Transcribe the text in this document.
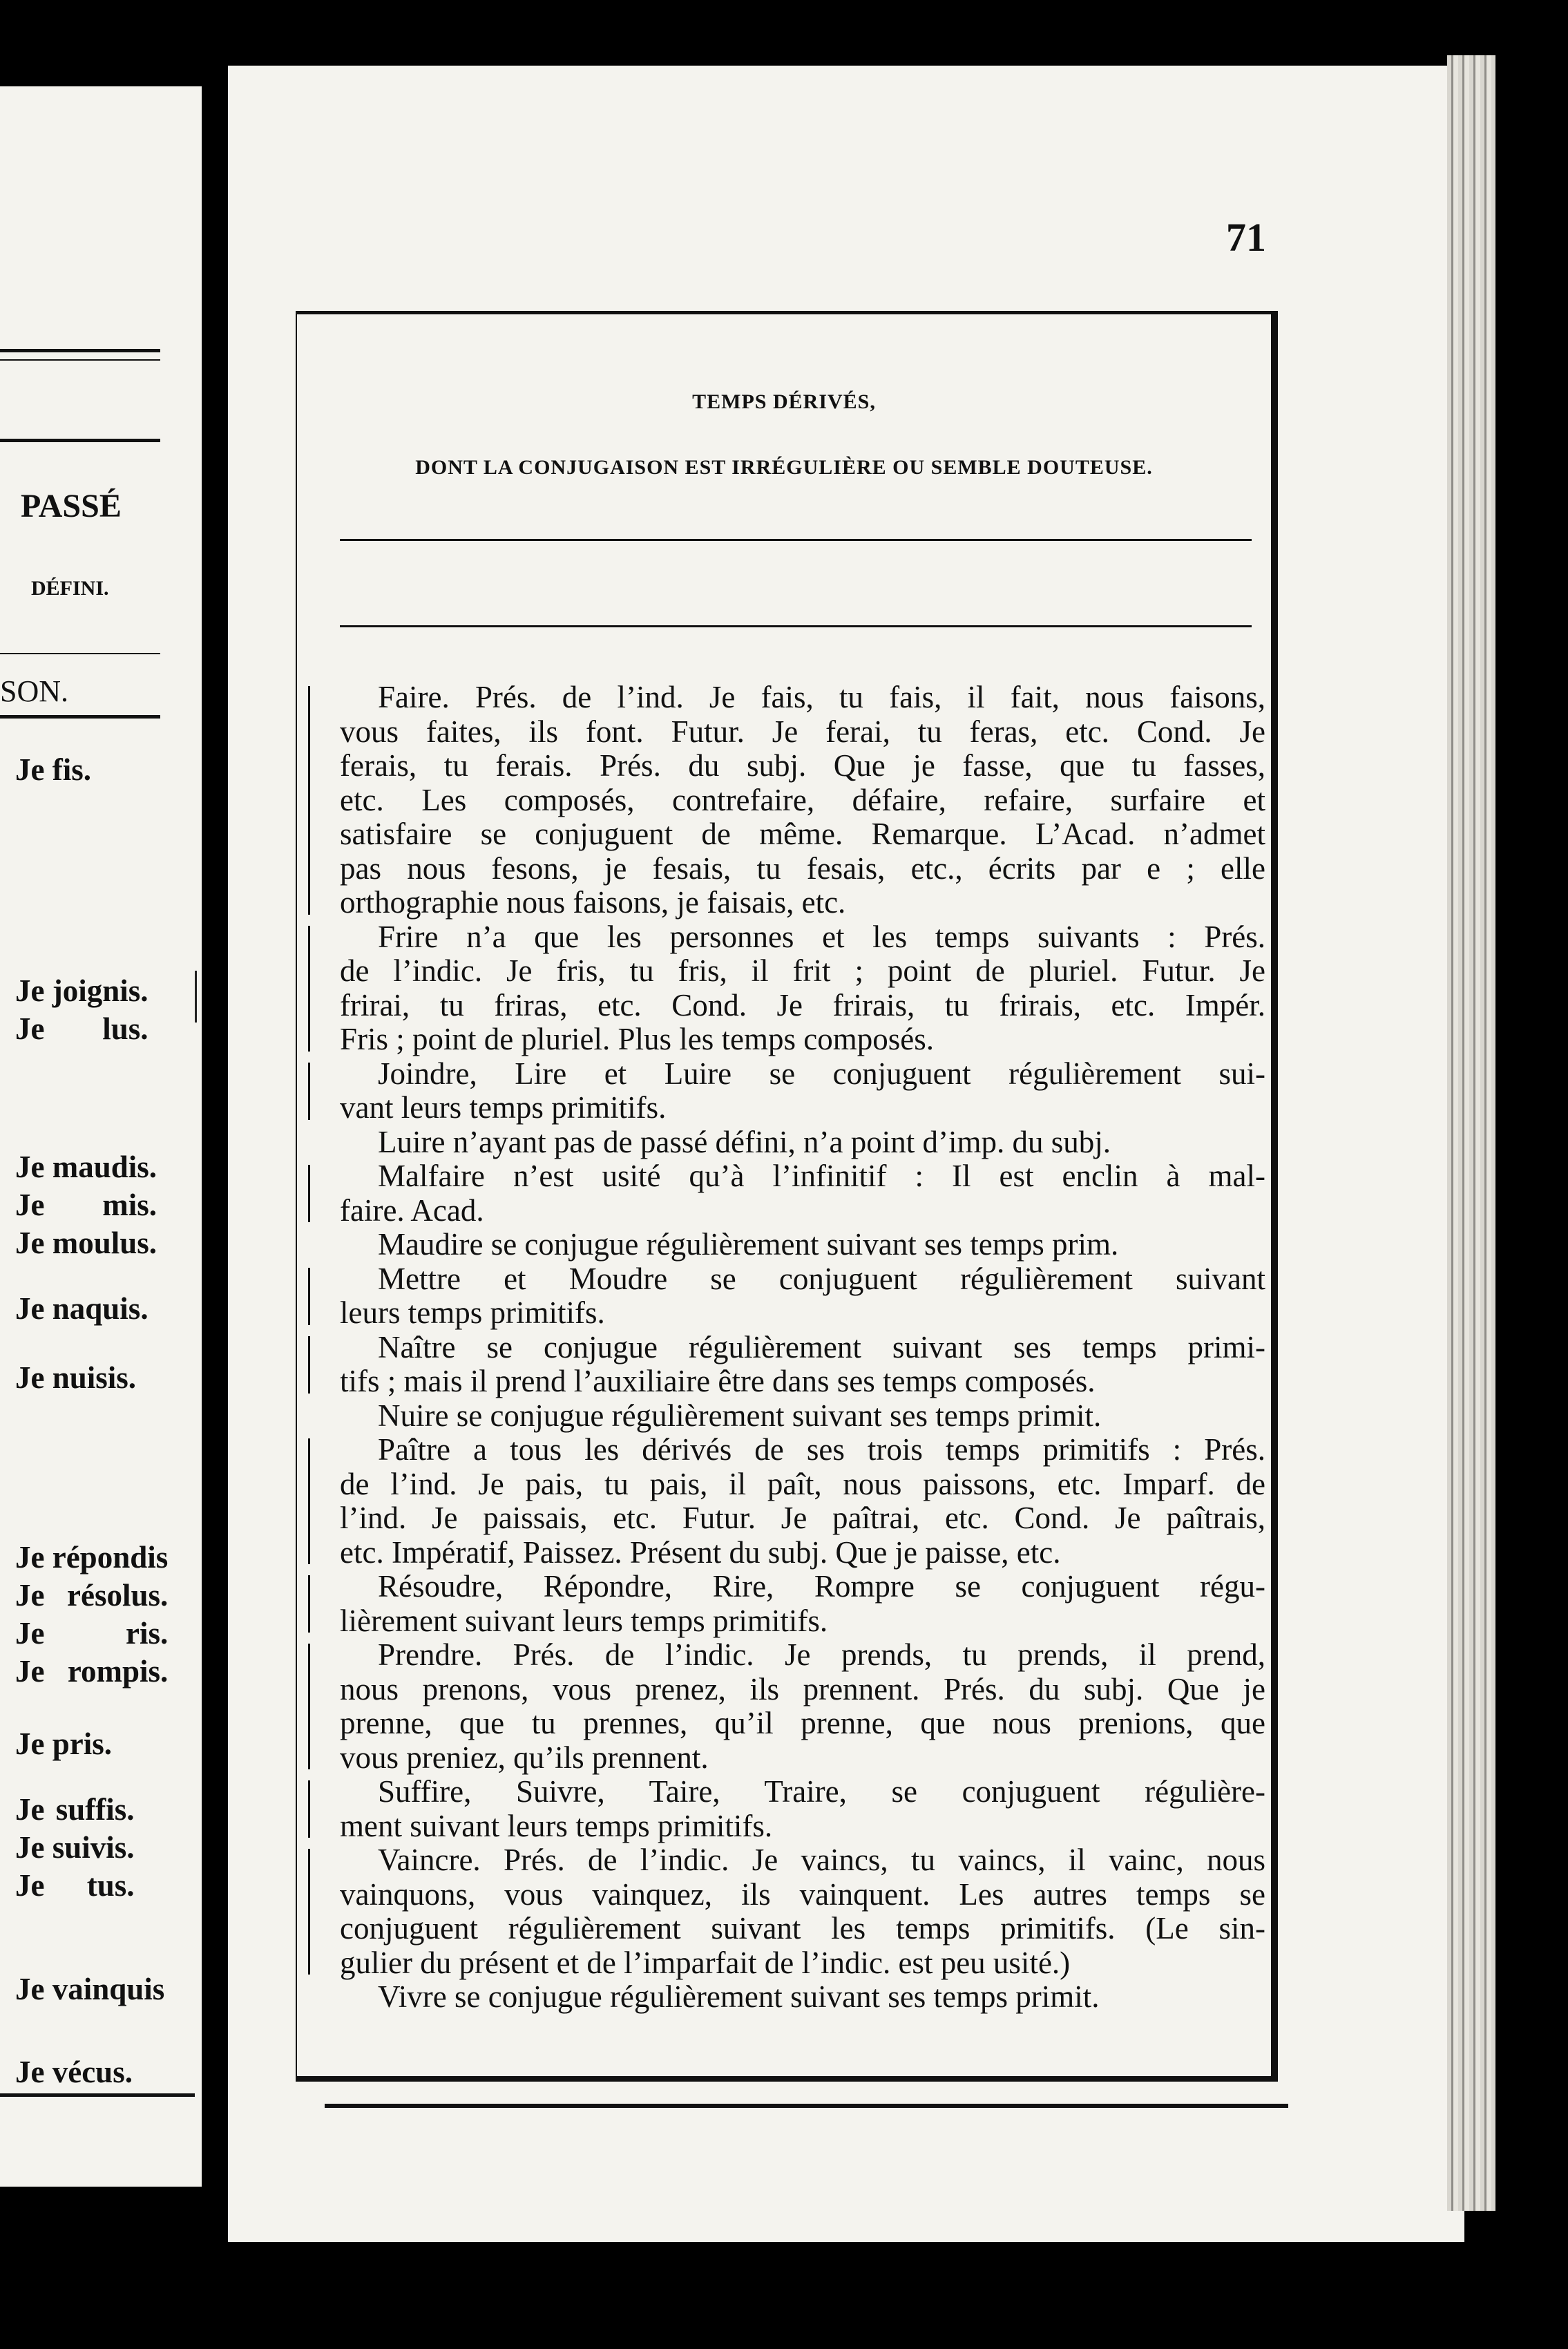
PASSÉ
DÉFINI.
SON.
Je fis.
Je joignis.
Je lus.
Je maudis.
Je mis.
Je moulus.
Je naquis.
Je nuisis.
Je répondis
Je résolus.
Je ris.
Je rompis.
Je pris.
Je suffis.
Je suivis.
Je tus.
Je vainquis
Je vécus.
71
TEMPS DÉRIVÉS,
DONT LA CONJUGAISON EST IRRÉGULIÈRE OU SEMBLE DOUTEUSE.
Faire. Prés. de l’ind. Je fais, tu fais, il fait, nous faisons,
vous faites, ils font. Futur. Je ferai, tu feras, etc. Cond. Je
ferais, tu ferais. Prés. du subj. Que je fasse, que tu fasses,
etc. Les composés, contrefaire, défaire, refaire, surfaire et
satisfaire se conjuguent de même. Remarque. L’Acad. n’admet
pas nous fesons, je fesais, tu fesais, etc., écrits par e ; elle
orthographie nous faisons, je faisais, etc.
Frire n’a que les personnes et les temps suivants : Prés.
de l’indic. Je fris, tu fris, il frit ; point de pluriel. Futur. Je
frirai, tu friras, etc. Cond. Je frirais, tu frirais, etc. Impér.
Fris ; point de pluriel. Plus les temps composés.
Joindre, Lire et Luire se conjuguent régulièrement sui-
vant leurs temps primitifs.
Luire n’ayant pas de passé défini, n’a point d’imp. du subj.
Malfaire n’est usité qu’à l’infinitif : Il est enclin à mal-
faire. Acad.
Maudire se conjugue régulièrement suivant ses temps prim.
Mettre et Moudre se conjuguent régulièrement suivant
leurs temps primitifs.
Naître se conjugue régulièrement suivant ses temps primi-
tifs ; mais il prend l’auxiliaire être dans ses temps composés.
Nuire se conjugue régulièrement suivant ses temps primit.
Paître a tous les dérivés de ses trois temps primitifs : Prés.
de l’ind. Je pais, tu pais, il paît, nous paissons, etc. Imparf. de
l’ind. Je paissais, etc. Futur. Je paîtrai, etc. Cond. Je paîtrais,
etc. Impératif, Paissez. Présent du subj. Que je paisse, etc.
Résoudre, Répondre, Rire, Rompre se conjuguent régu-
lièrement suivant leurs temps primitifs.
Prendre. Prés. de l’indic. Je prends, tu prends, il prend,
nous prenons, vous prenez, ils prennent. Prés. du subj. Que je
prenne, que tu prennes, qu’il prenne, que nous prenions, que
vous preniez, qu’ils prennent.
Suffire, Suivre, Taire, Traire, se conjuguent régulière-
ment suivant leurs temps primitifs.
Vaincre. Prés. de l’indic. Je vaincs, tu vaincs, il vainc, nous
vainquons, vous vainquez, ils vainquent. Les autres temps se
conjuguent régulièrement suivant les temps primitifs. (Le sin-
gulier du présent et de l’imparfait de l’indic. est peu usité.)
Vivre se conjugue régulièrement suivant ses temps primit.
